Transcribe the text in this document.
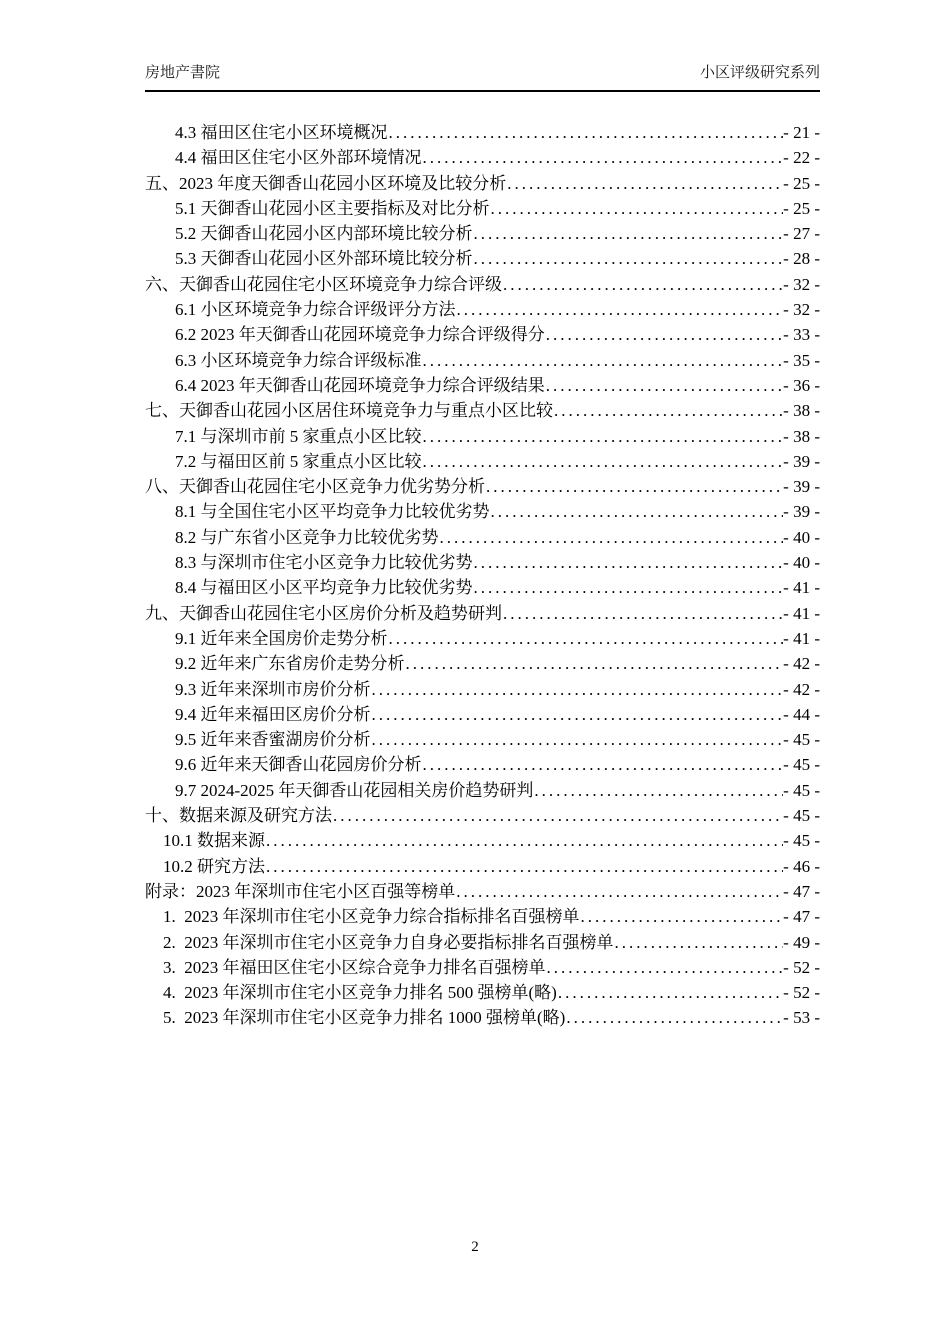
房地产書院	小区评级研究系列
4.3 福田区住宅小区环境概况 .....	- 21 -
4.4 福田区住宅小区外部环境情况 .....	- 22 -
五、2023 年度天御香山花园小区环境及比较分析 .....	- 25 -
5.1 天御香山花园小区主要指标及对比分析 .....	- 25 -
5.2 天御香山花园小区内部环境比较分析 .....	- 27 -
5.3 天御香山花园小区外部环境比较分析 .....	- 28 -
六、天御香山花园住宅小区环境竞争力综合评级 .....	- 32 -
6.1 小区环境竞争力综合评级评分方法 .....	- 32 -
6.2 2023 年天御香山花园环境竞争力综合评级得分 .....	- 33 -
6.3 小区环境竞争力综合评级标准 .....	- 35 -
6.4 2023 年天御香山花园环境竞争力综合评级结果 .....	- 36 -
七、天御香山花园小区居住环境竞争力与重点小区比较 .....	- 38 -
7.1 与深圳市前 5 家重点小区比较 .....	- 38 -
7.2 与福田区前 5 家重点小区比较 .....	- 39 -
八、天御香山花园住宅小区竞争力优劣势分析 .....	- 39 -
8.1 与全国住宅小区平均竞争力比较优劣势 .....	- 39 -
8.2 与广东省小区竞争力比较优劣势 .....	- 40 -
8.3 与深圳市住宅小区竞争力比较优劣势 .....	- 40 -
8.4 与福田区小区平均竞争力比较优劣势 .....	- 41 -
九、天御香山花园住宅小区房价分析及趋势研判 .....	- 41 -
9.1 近年来全国房价走势分析 .....	- 41 -
9.2 近年来广东省房价走势分析 .....	- 42 -
9.3 近年来深圳市房价分析 .....	- 42 -
9.4 近年来福田区房价分析 .....	- 44 -
9.5 近年来香蜜湖房价分析 .....	- 45 -
9.6 近年来天御香山花园房价分析 .....	- 45 -
9.7 2024-2025 年天御香山花园相关房价趋势研判 .....	- 45 -
十、数据来源及研究方法 .....	- 45 -
10.1 数据来源 .....	- 45 -
10.2 研究方法 .....	- 46 -
附录：2023 年深圳市住宅小区百强等榜单 .....	- 47 -
1.  2023 年深圳市住宅小区竞争力综合指标排名百强榜单 .....	- 47 -
2.  2023 年深圳市住宅小区竞争力自身必要指标排名百强榜单 .....	- 49 -
3.  2023 年福田区住宅小区综合竞争力排名百强榜单 .....	- 52 -
4.  2023 年深圳市住宅小区竞争力排名 500 强榜单(略) .....	- 52 -
5.  2023 年深圳市住宅小区竞争力排名 1000 强榜单(略) .....	- 53 -
2
